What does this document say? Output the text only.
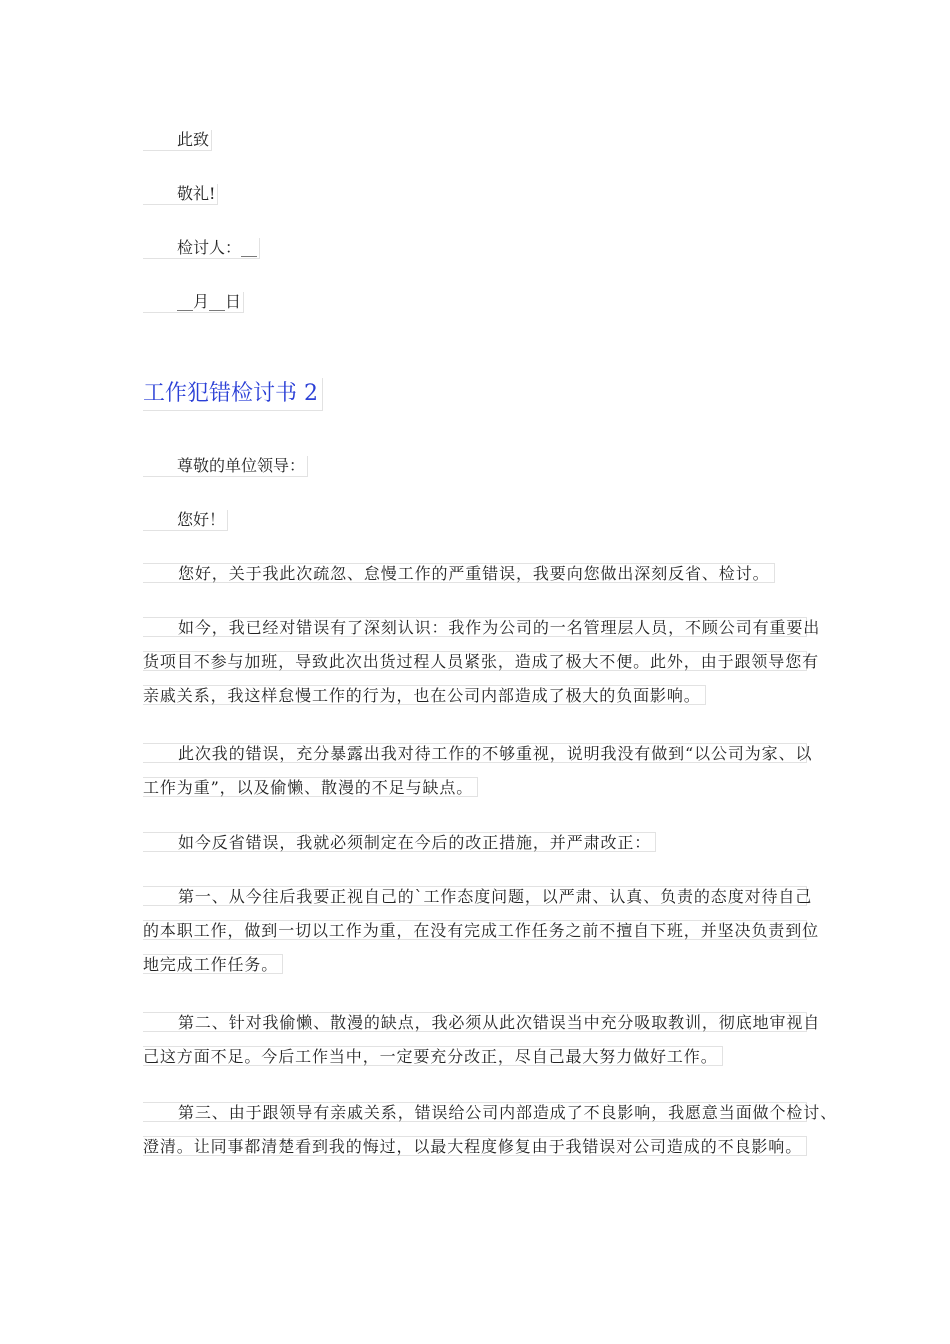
此致
敬礼!
检讨人：__
__月__日
工作犯错检讨书 2
尊敬的单位领导：
您好！
您好，关于我此次疏忽、怠慢工作的严重错误，我要向您做出深刻反省、检讨。
如今，我已经对错误有了深刻认识：我作为公司的一名管理层人员，不顾公司有重要出
货项目不参与加班，导致此次出货过程人员紧张，造成了极大不便。此外，由于跟领导您有
亲戚关系，我这样怠慢工作的行为，也在公司内部造成了极大的负面影响。
此次我的错误，充分暴露出我对待工作的不够重视，说明我没有做到“以公司为家、以
工作为重”，以及偷懒、散漫的不足与缺点。
如今反省错误，我就必须制定在今后的改正措施，并严肃改正：
第一、从今往后我要正视自己的`工作态度问题，以严肃、认真、负责的态度对待自己
的本职工作，做到一切以工作为重，在没有完成工作任务之前不擅自下班，并坚决负责到位
地完成工作任务。
第二、针对我偷懒、散漫的缺点，我必须从此次错误当中充分吸取教训，彻底地审视自
己这方面不足。今后工作当中，一定要充分改正，尽自己最大努力做好工作。
第三、由于跟领导有亲戚关系，错误给公司内部造成了不良影响，我愿意当面做个检讨、
澄清。让同事都清楚看到我的悔过，以最大程度修复由于我错误对公司造成的不良影响。
